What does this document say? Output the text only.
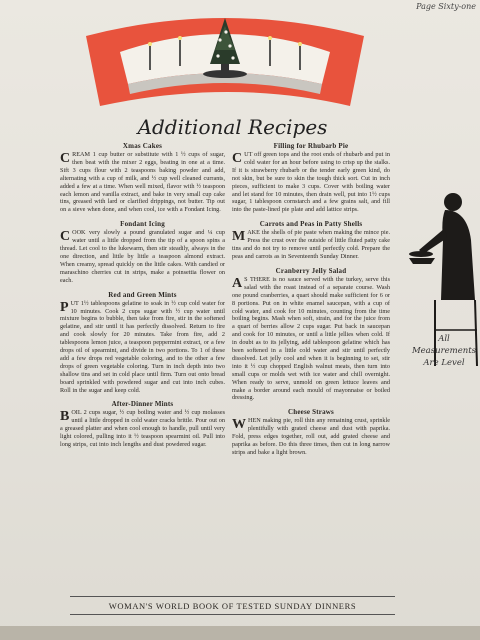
Page Sixty-one
Additional Recipes
Xmas Cakes

CREAM 1 cup butter or substitute with 1 ½ cups of sugar, then beat with the mixer 2 eggs, beating in one at a time. Sift 3 cups flour with 2 teaspoons baking powder and add, alternating with a cup of milk, and ½ cup well cleaned currants, added a few at a time. When well mixed, flavor with ½ teaspoon each lemon and vanilla extract, and bake in very small cup cake tins, greased with lard or clarified drippings, not butter. Tip out on a sieve when done, and when cool, ice with a Fondant Icing.

Fondant Icing

COOK very slowly a pound granulated sugar and ¼ cup water until a little dropped from the tip of a spoon spins a thread. Let cool to the lukewarm, then stir steadily, always in the one direction, and little by little a teaspoon almond extract. When creamy, spread quickly on the little cakes. With candied or maraschino cherries cut in strips, make a poinsettia flower on each.

Red and Green Mints

PUT 1½ tablespoons gelatine to soak in ½ cup cold water for 10 minutes. Cook 2 cups sugar with ½ cup water until mixture begins to bubble, then take from fire, stir in the softened gelatine, and stir until it has perfectly dissolved. Return to fire and cook slowly for 20 minutes. Take from fire, add 2 tablespoons lemon juice, a teaspoon peppermint extract, or a few drops oil of spearmint, and divide in two portions. To 1 of these add a few drops red vegetable coloring, and to the other a few drops of green vegetable coloring. Turn in inch depth into two shallow tins and set in cold place until firm. Turn out onto bread board sprinkled with powdered sugar and cut into inch cubes. Roll in the sugar and keep cold.

After-Dinner Mints

BOIL 2 cups sugar, ½ cup boiling water and ½ cup molasses until a little dropped in cold water cracks brittle. Pour out on a greased platter and when cool enough to handle, pull until very light colored, pulling into it ½ teaspoon spearmint oil. Pull into long strips, cut into inch lengths and dust powdered sugar.

Filling for Rhubarb Pie

CUT off green tops and the root ends of rhubarb and put in cold water for an hour before using to crisp up the stalks. If it is strawberry rhubarb or the tender early green kind, do not skin, but be sure to skin the tough thick sort. Cut in inch pieces, sufficient to make 3 cups. Cover with boiling water and let stand for 10 minutes, then drain well, put into 1½ cups sugar, 1 tablespoon cornstarch and a few grains salt, and fill into the paste-lined pie plate and add lattice strips.

Carrots and Peas in Patty Shells

MAKE the shells of pie paste when making the mince pie. Press the crust over the outside of little fluted patty cake tins and do not try to remove until perfectly cold. Prepare the peas and carrots as in Seventeenth Sunday Dinner.

Cranberry Jelly Salad

A S THERE is no sauce served with the turkey, serve this salad with the roast instead of a separate course. Wash one pound cranberries, a quart should make sufficient for 6 or 8 portions. Put on in white enamel saucepan, with a cup of cold water, and cook for 10 minutes, counting from the time boiling begins. Mash when soft, strain, and for the juice from a quart of berries allow 2 cups sugar. Put back in saucepan and cook for 10 minutes, or until a little jellies when cold. If in doubt as to its jellying, add tablespoon gelatine which has been softened in a little cold water and stir until perfectly dissolved. Let jelly cool and when it is beginning to set, stir into it ½ cup chopped English walnut meats, then turn into small cups or molds wet with ice water and chill overnight. When ready to serve, unmold on green lettuce leaves and make a border around each mould of mayonnaise or boiled dressing.

Cheese Straws

WHEN making pie, roll thin any remaining crust, sprinkle plentifully with grated cheese and dust with paprika. Fold, press edges together, roll out, add grated cheese and paprika as before. Do this three times, then cut in long narrow strips and bake a light brown.

All Measurements
Are Level
WOMAN'S WORLD BOOK OF TESTED SUNDAY DINNERS
